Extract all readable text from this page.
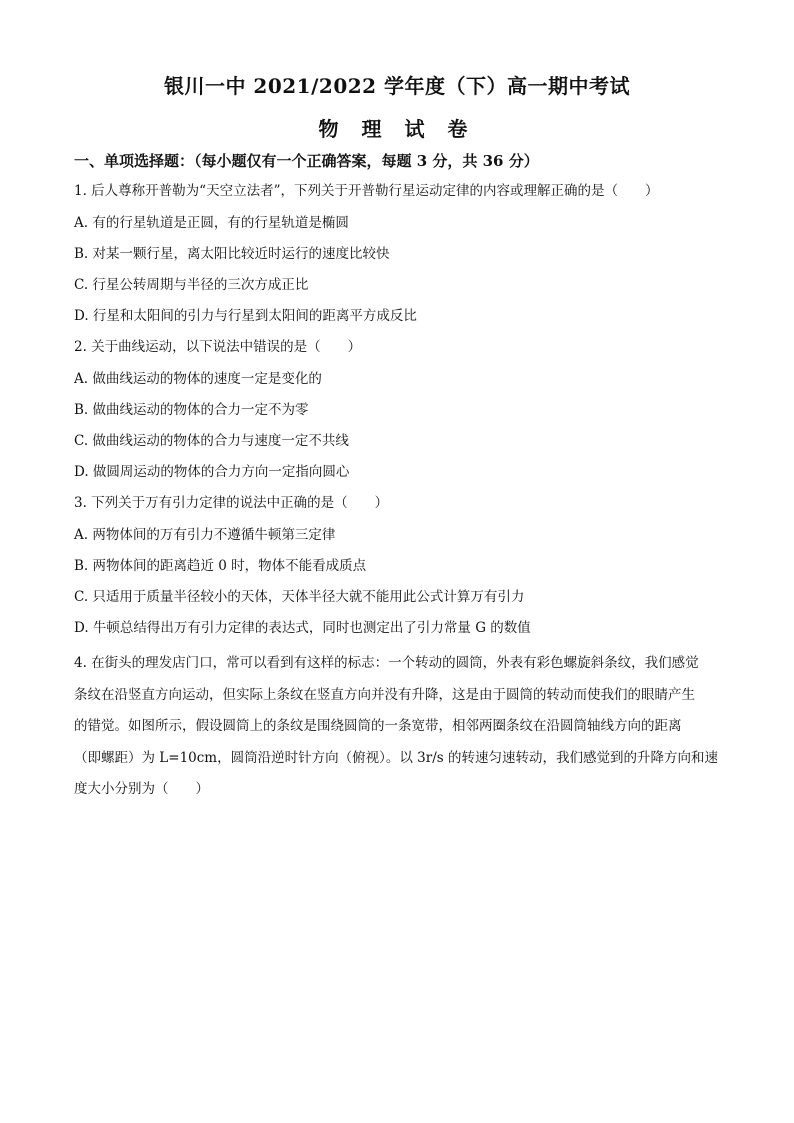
银川一中 2021/2022 学年度（下）高一期中考试
物 理 试 卷
一、单项选择题：（每小题仅有一个正确答案，每题 3 分，共 36 分）
1. 后人尊称开普勒为“天空立法者”，下列关于开普勒行星运动定律的内容或理解正确的是（　　）
A. 有的行星轨道是正圆，有的行星轨道是椭圆
B. 对某一颗行星，离太阳比较近时运行的速度比较快
C. 行星公转周期与半径的三次方成正比
D. 行星和太阳间的引力与行星到太阳间的距离平方成反比
2. 关于曲线运动，以下说法中错误的是（　　）
A. 做曲线运动的物体的速度一定是变化的
B. 做曲线运动的物体的合力一定不为零
C. 做曲线运动的物体的合力与速度一定不共线
D. 做圆周运动的物体的合力方向一定指向圆心
3. 下列关于万有引力定律的说法中正确的是（　　）
A. 两物体间的万有引力不遵循牛顿第三定律
B. 两物体间的距离趋近 0 时，物体不能看成质点
C. 只适用于质量半径较小的天体，天体半径大就不能用此公式计算万有引力
D. 牛顿总结得出万有引力定律的表达式，同时也测定出了引力常量 G 的数值
4. 在街头的理发店门口，常可以看到有这样的标志：一个转动的圆筒，外表有彩色螺旋斜条纹，我们感觉
条纹在沿竖直方向运动，但实际上条纹在竖直方向并没有升降，这是由于圆筒的转动而使我们的眼睛产生
的错觉。如图所示，假设圆筒上的条纹是围绕圆筒的一条宽带，相邻两圈条纹在沿圆筒轴线方向的距离
（即螺距）为 L=10cm，圆筒沿逆时针方向（俯视）。以 3r/s 的转速匀速转动，我们感觉到的升降方向和速
度大小分别为（　　）
